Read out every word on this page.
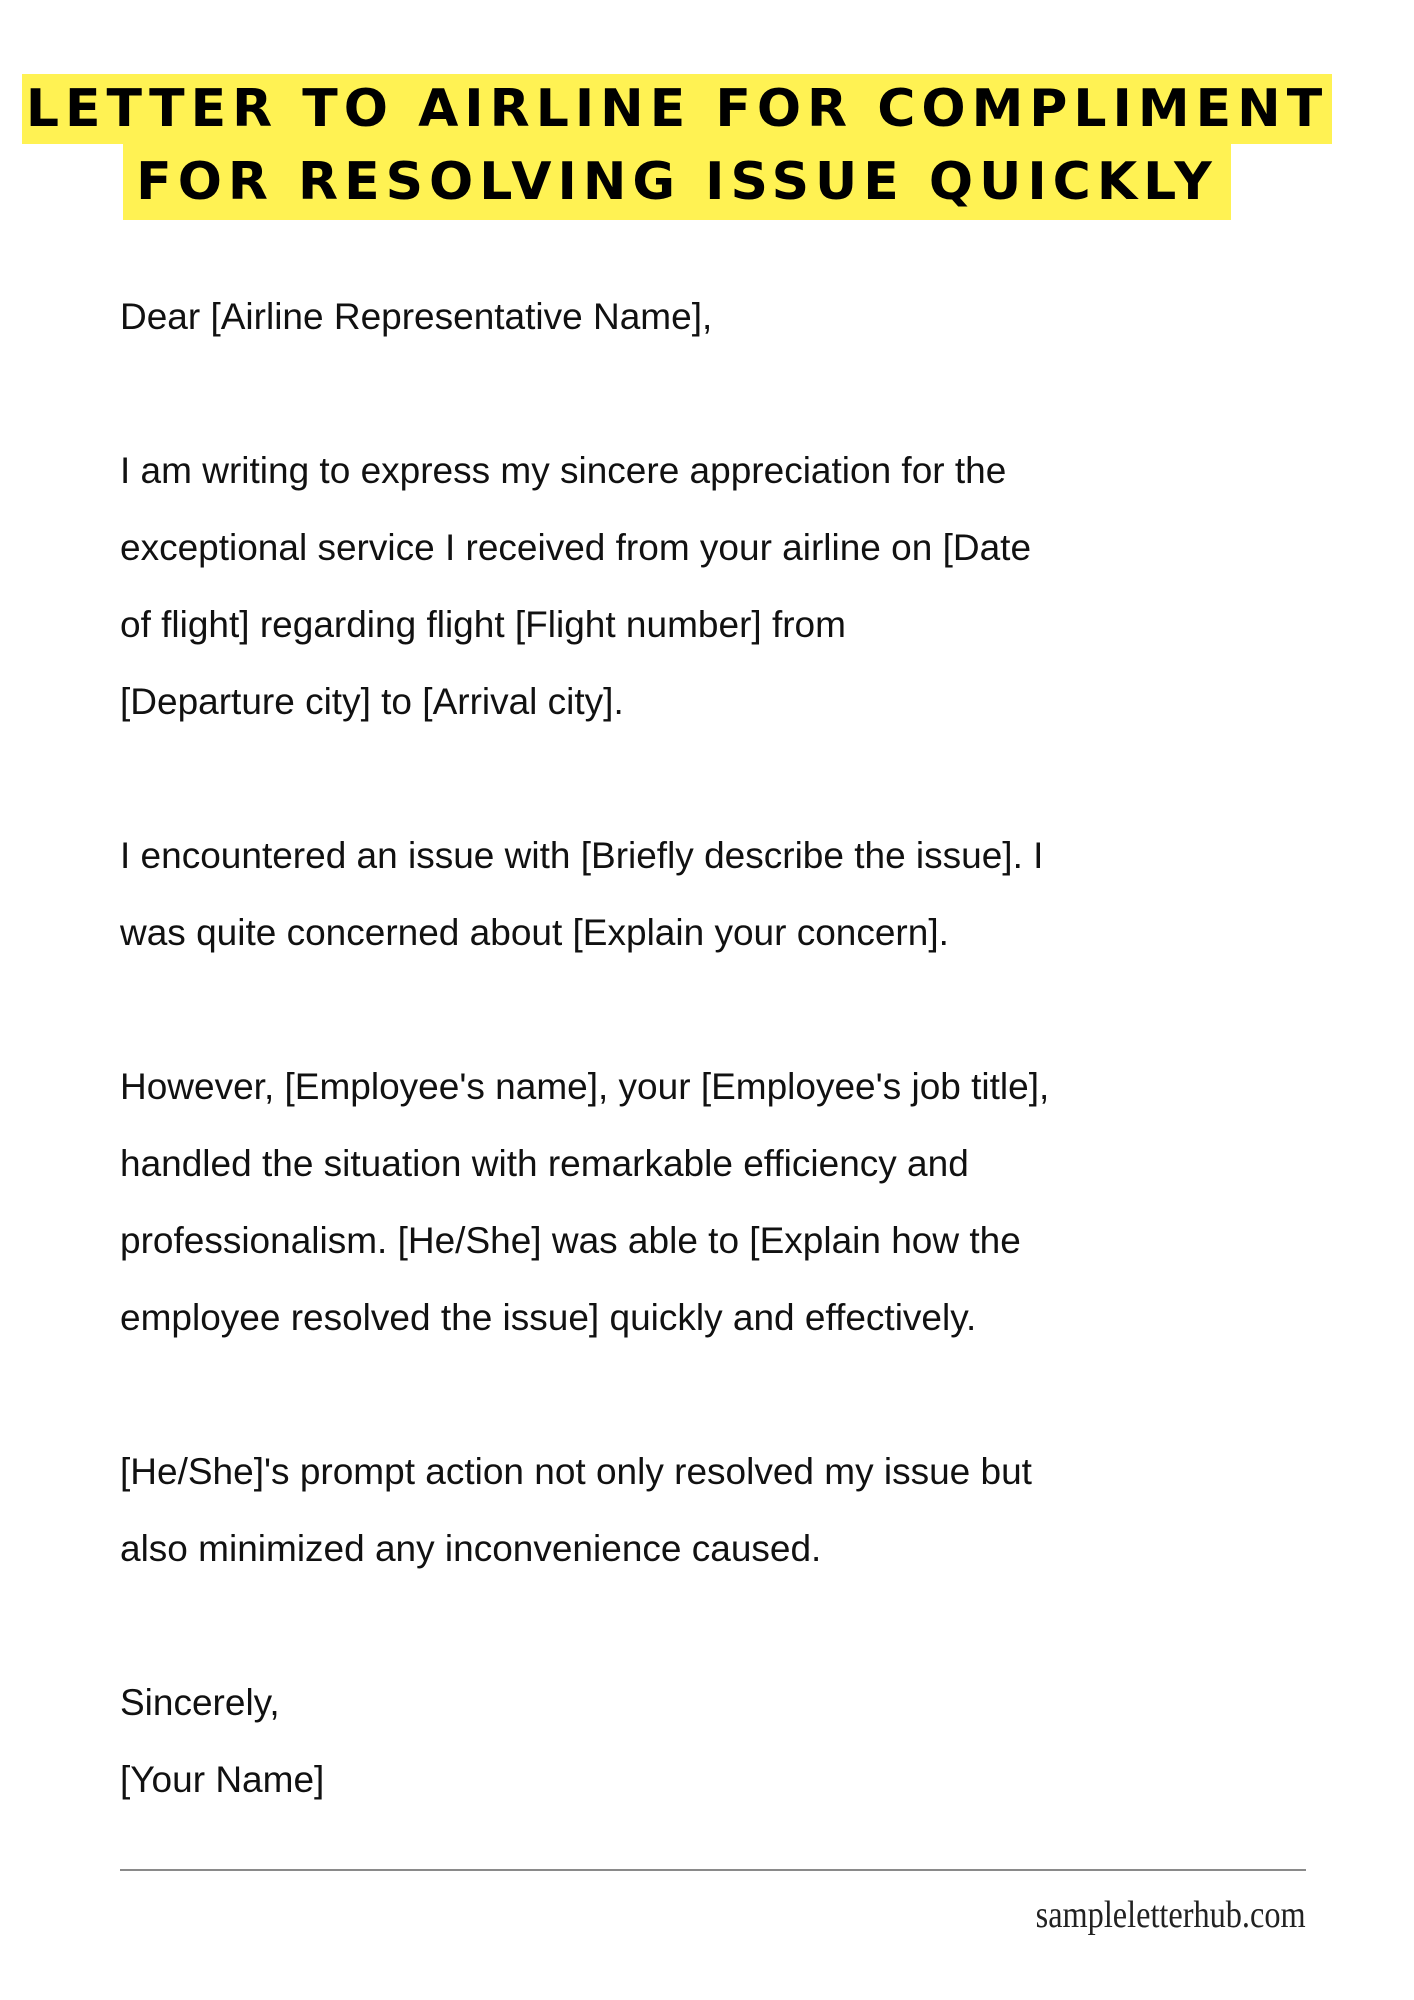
LETTER TO AIRLINE FOR COMPLIMENT
FOR RESOLVING ISSUE QUICKLY
Dear [Airline Representative Name],
I am writing to express my sincere appreciation for the
exceptional service I received from your airline on [Date
of flight] regarding flight [Flight number] from
[Departure city] to [Arrival city].
I encountered an issue with [Briefly describe the issue]. I
was quite concerned about [Explain your concern].
However, [Employee's name], your [Employee's job title],
handled the situation with remarkable efficiency and
professionalism. [He/She] was able to [Explain how the
employee resolved the issue] quickly and effectively.
[He/She]'s prompt action not only resolved my issue but
also minimized any inconvenience caused.
Sincerely,
[Your Name]
sampleletterhub.com
